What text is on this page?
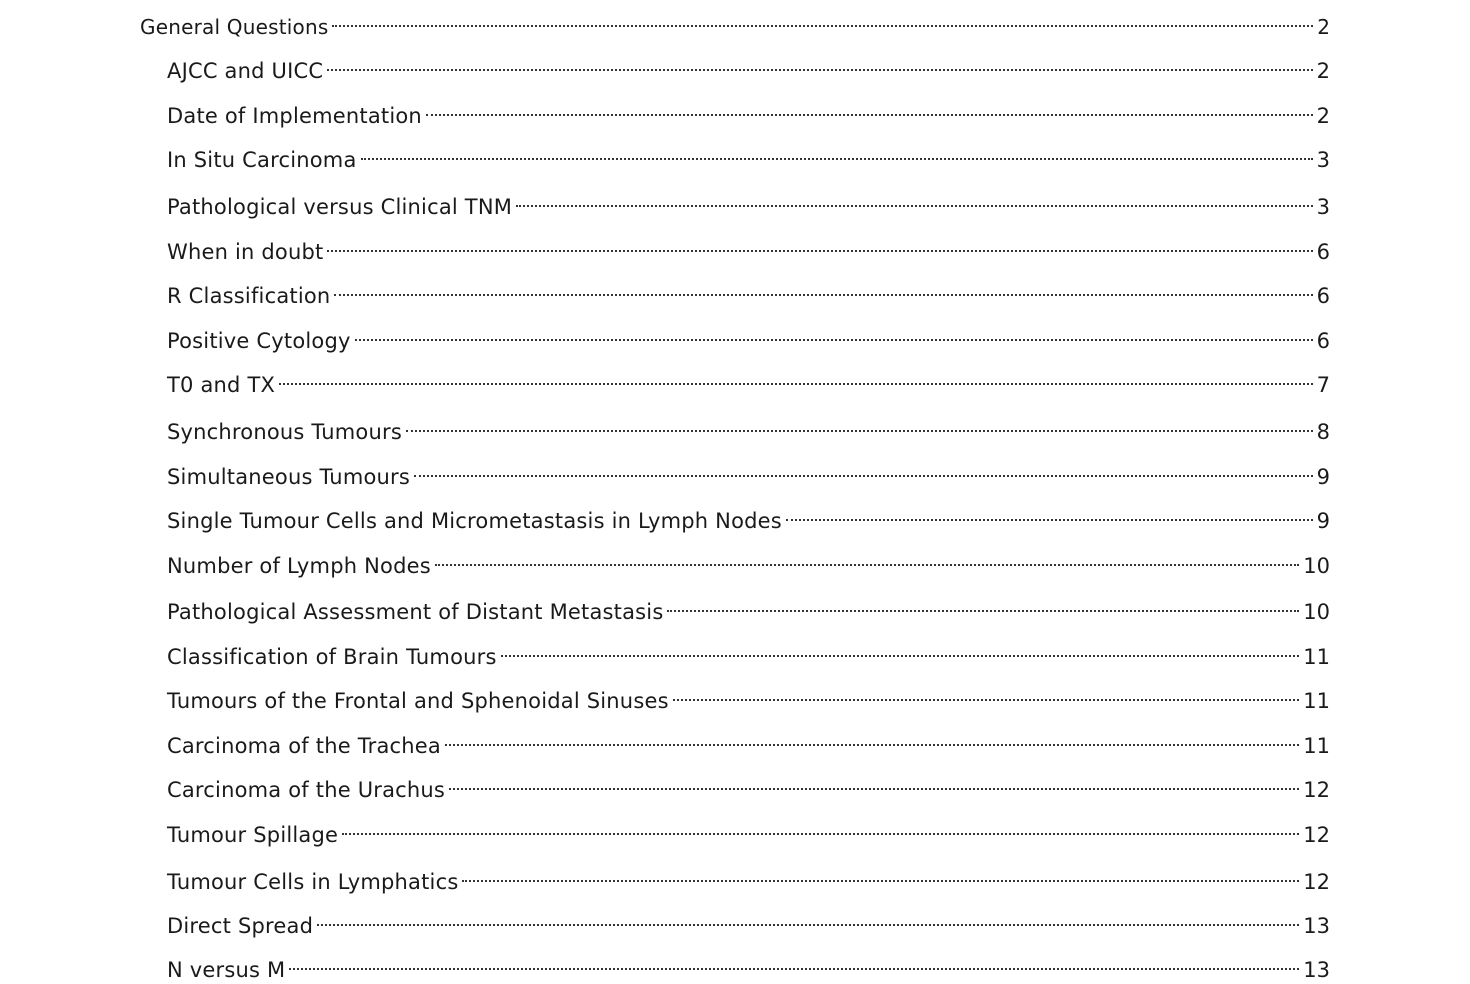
General Questions	2
AJCC and UICC	2
Date of Implementation	2
In Situ Carcinoma	3
Pathological versus Clinical TNM	3
When in doubt	6
R Classification	6
Positive Cytology	6
T0 and TX	7
Synchronous Tumours	8
Simultaneous Tumours	9
Single Tumour Cells and Micrometastasis in Lymph Nodes	9
Number of Lymph Nodes	10
Pathological Assessment of Distant Metastasis	10
Classification of Brain Tumours	11
Tumours of the Frontal and Sphenoidal Sinuses	11
Carcinoma of the Trachea	11
Carcinoma of the Urachus	12
Tumour Spillage	12
Tumour Cells in Lymphatics	12
Direct Spread	13
N versus M	13
